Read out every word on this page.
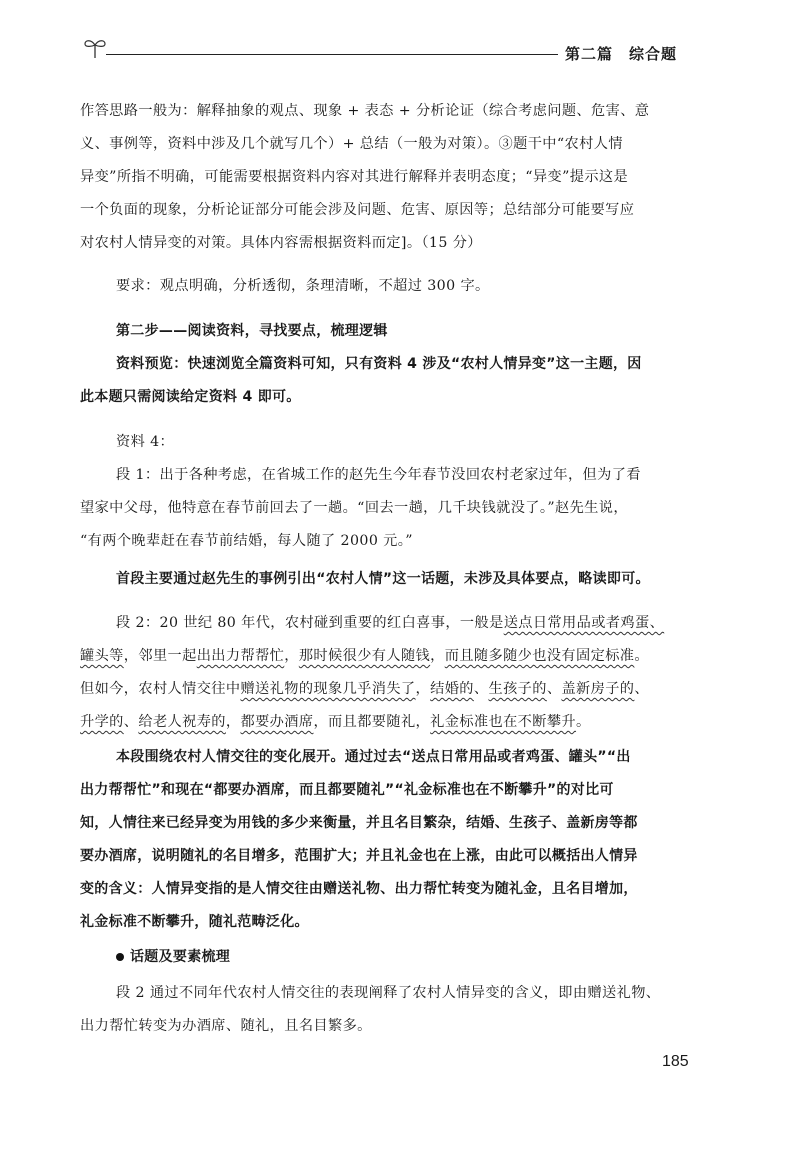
第二篇 综合题
作答思路一般为：解释抽象的观点、现象 + 表态 + 分析论证（综合考虑问题、危害、意
义、事例等，资料中涉及几个就写几个）+ 总结（一般为对策）。③题干中“农村人情
异变”所指不明确，可能需要根据资料内容对其进行解释并表明态度；“异变”提示这是
一个负面的现象，分析论证部分可能会涉及问题、危害、原因等；总结部分可能要写应
对农村人情异变的对策。具体内容需根据资料而定]。（15 分）
要求：观点明确，分析透彻，条理清晰，不超过 300 字。
第二步——阅读资料，寻找要点，梳理逻辑
资料预览：快速浏览全篇资料可知，只有资料 4 涉及“农村人情异变”这一主题，因
此本题只需阅读给定资料 4 即可。
资料 4：
段 1：出于各种考虑，在省城工作的赵先生今年春节没回农村老家过年，但为了看
望家中父母，他特意在春节前回去了一趟。“回去一趟，几千块钱就没了。”赵先生说，
“有两个晚辈赶在春节前结婚，每人随了 2000 元。”
首段主要通过赵先生的事例引出“农村人情”这一话题，未涉及具体要点，略读即可。
段 2：20 世纪 80 年代，农村碰到重要的红白喜事，一般是送点日常用品或者鸡蛋、
罐头等，邻里一起出出力帮帮忙，那时候很少有人随钱，而且随多随少也没有固定标准。
但如今，农村人情交往中赠送礼物的现象几乎消失了，结婚的、生孩子的、盖新房子的、
升学的、给老人祝寿的，都要办酒席，而且都要随礼，礼金标准也在不断攀升。
本段围绕农村人情交往的变化展开。通过过去“送点日常用品或者鸡蛋、罐头”“出
出力帮帮忙”和现在“都要办酒席，而且都要随礼”“礼金标准也在不断攀升”的对比可
知，人情往来已经异变为用钱的多少来衡量，并且名目繁杂，结婚、生孩子、盖新房等都
要办酒席，说明随礼的名目增多，范围扩大；并且礼金也在上涨，由此可以概括出人情异
变的含义：人情异变指的是人情交往由赠送礼物、出力帮忙转变为随礼金，且名目增加，
礼金标准不断攀升，随礼范畴泛化。
话题及要素梳理
段 2 通过不同年代农村人情交往的表现阐释了农村人情异变的含义，即由赠送礼物、
出力帮忙转变为办酒席、随礼，且名目繁多。
185
